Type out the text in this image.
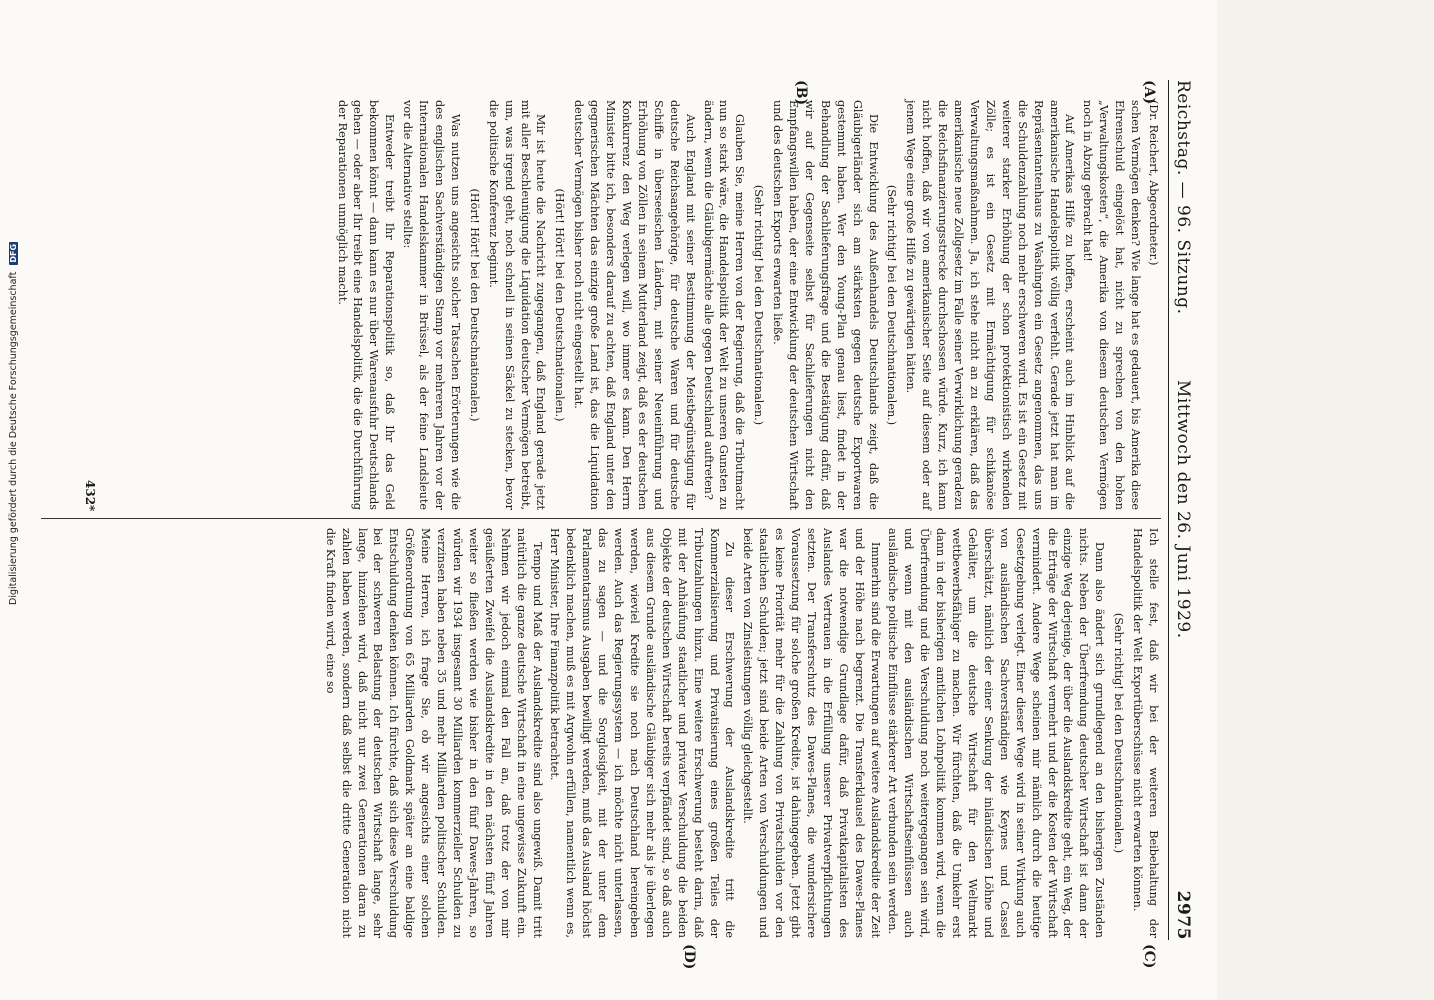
Reichstag. — 96. Sitzung.
Mittwoch den 26. Juni 1929.
2975
(A)
(B)
(C)
(D)

(Dr. Reichert, Abgeordneter.)

schen Vermögen denken? Wie lange hat es gedauert, bis Amerika diese Ehrenschuld eingelöst hat, nicht zu sprechen von den hohen „Verwaltungskosten“, die Amerika von diesem deutschen Vermögen noch in Abzug gebracht hat!

Auf Amerikas Hilfe zu hoffen, erscheint auch im Hinblick auf die amerikanische Handelspolitik völlig verfehlt. Gerade jetzt hat man im Repräsentantenhaus zu Washington ein Gesetz angenommen, das uns die Schuldenzahlung noch mehr erschweren wird. Es ist ein Gesetz mit weiterer starker Erhöhung der schon protektionistisch wirkenden Zölle; es ist ein Gesetz mit Ermächtigung für schikanöse Verwaltungsmaßnahmen. Ja, ich stehe nicht an zu erklären, daß das amerikanische neue Zollgesetz im Falle seiner Verwirklichung geradezu die Reichsfinanzierungsstrecke durchschossen würde. Kurz, ich kann nicht hoffen, daß wir von amerikanischer Seite auf diesem oder auf jenem Wege eine große Hilfe zu gewärtigen hätten.

(Sehr richtig! bei den Deutschnationalen.)

Die Entwicklung des Außenhandels Deutschlands zeigt, daß die Gläubigerländer sich am stärksten gegen deutsche Exportwaren gestemmt haben. Wer den Young-Plan genau liest, findet in der Behandlung der Sachlieferungsfrage und die Bestätigung dafür, daß wir auf der Gegenseite selbst für Sachlieferungen nicht den Empfangswillen haben, der eine Entwicklung der deutschen Wirtschaft und des deutschen Exports erwarten ließe.

(Sehr richtig! bei den Deutschnationalen.)

Glauben Sie, meine Herren von der Regierung, daß die Tributmacht nun so stark wäre, die Handelspolitik der Welt zu unseren Gunsten zu ändern, wenn die Gläubigermächte alle gegen Deutschland auftreten?

Auch England mit seiner Bestimmung der Meistbegünstigung für deutsche Reichsangehörige, für deutsche Waren und für deutsche Schiffe in überseeischen Ländern, mit seiner Neueinführung und Erhöhung von Zöllen in seinem Mutterland zeigt, daß es der deutschen Konkurrenz den Weg verlegen will, wo immer es kann. Den Herrn Minister bitte ich, besonders darauf zu achten, daß England unter den gegnerischen Mächten das einzige große Land ist, das die Liquidation deutscher Vermögen bisher noch nicht eingestellt hat.

(Hört! Hört! bei den Deutschnationalen.)

Mir ist heute die Nachricht zugegangen, daß England gerade jetzt mit aller Beschleunigung die Liquidation deutscher Vermögen betreibt, um, was irgend geht, noch schnell in seinen Säckel zu stecken, bevor die politische Konferenz beginnt.

(Hört! Hört! bei den Deutschnationalen.)

Was nutzen uns angesichts solcher Tatsachen Erörterungen wie die des englischen Sachverständigen Stamp vor mehreren Jahren vor der Internationalen Handelskammer in Brüssel, als der feine Landsleute vor die Alternative stellte:

Entweder treibt Ihr Reparationspolitik so, daß Ihr das Geld bekommen könnt — dann kann es nur über Warenausfuhr Deutschlands gehen — oder aber Ihr treibt eine Handelspolitik, die die Durchführung der Reparationen unmöglich macht.

Ich stelle fest, daß wir bei der weiteren Beibehaltung der Handelspolitik der Welt Exportüberschüsse nicht erwarten können.

(Sehr richtig! bei den Deutschnationalen.)

Dann also ändert sich grundlegend an den bisherigen Zuständen nichts. Neben der Überfremdung deutscher Wirtschaft ist dann der einzige Weg derjenige, der über die Auslandskredite geht, ein Weg, der die Erträge der Wirtschaft vermehrt und der die Kosten der Wirtschaft vermindert. Andere Wege scheinen mir nämlich durch die heutige Gesetzgebung verlegt. Einer dieser Wege wird in seiner Wirkung auch von ausländischen Sachverständigen wie Keynes und Cassel überschätzt, nämlich der einer Senkung der inländischen Löhne und Gehälter, um die deutsche Wirtschaft für den Weltmarkt wettbewerbsfähiger zu machen. Wir fürchten, daß die Umkehr erst dann in der bisherigen amtlichen Lohnpolitik kommen wird, wenn die Überfremdung und die Verschuldung noch weitergegangen sein wird, und wenn mit den ausländischen Wirtschaftseinflüssen auch ausländische politische Einflüsse stärkerer Art verbunden sein werden.

Immerhin sind die Erwartungen auf weitere Auslandskredite der Zeit und der Höhe nach begrenzt. Die Transferklausel des Dawes-Planes war die notwendige Grundlage dafür, daß Privatkapitalisten des Auslandes Vertrauen in die Erfüllung unserer Privatverpflichtungen setzten. Der Transferschutz des Dawes-Planes, die wundersichere Voraussetzung für solche großen Kredite, ist dahingegeben. Jetzt gibt es keine Priorität mehr für die Zahlung von Privatschulden vor den staatlichen Schulden; jetzt sind beide Arten von Verschuldungen und beide Arten von Zinsleistungen völlig gleichgestellt.

Zu dieser Erschwerung der Auslandskredite tritt die Kommerzialisierung und Privatisierung eines großen Teiles der Tributzahlungen hinzu. Eine weitere Erschwerung besteht darin, daß mit der Anhäufung staatlicher und privater Verschuldung die beiden Objekte der deutschen Wirtschaft bereits verpfändet sind, so daß auch aus diesem Grunde ausländische Gläubiger sich mehr als je überlegen werden, wieviel Kredite sie noch nach Deutschland hereingeben werden. Auch das Regierungssystem — ich möchte nicht unterlassen, das zu sagen — und die Sorglosigkeit, mit der unter dem Parlamentarismus Ausgaben bewilligt werden, muß das Ausland höchst bedenklich machen, muß es mit Argwohn erfüllen, namentlich wenn es, Herr Minister, Ihre Finanzpolitik betrachtet.

Tempo und Maß der Auslandskredite sind also ungewiß. Damit tritt natürlich die ganze deutsche Wirtschaft in eine ungewisse Zukunft ein. Nehmen wir jedoch einmal den Fall an, daß trotz der von mir geäußerten Zweifel die Auslandskredite in den nächsten fünf Jahren weiter so fließen werden wie bisher in den fünf Dawes-Jahren, so würden wir 1934 insgesamt 30 Milliarden kommerzieller Schulden zu verzinsen haben neben 35 und mehr Milliarden politischer Schulden. Meine Herren, ich frage Sie, ob wir angesichts einer solchen Größenordnung von 65 Milliarden Goldmark später an eine baldige Entschuldung denken können. Ich fürchte, daß sich diese Verschuldung bei der schweren Belastung der deutschen Wirtschaft lange, sehr lange, hinziehen wird, daß nicht nur zwei Generationen daran zu zahlen haben werden, sondern daß selbst die dritte Generation nicht die Kraft finden wird, eine so

432*
Digitalisierung gefördert durch die Deutsche Forschungsgemeinschaft DFG
